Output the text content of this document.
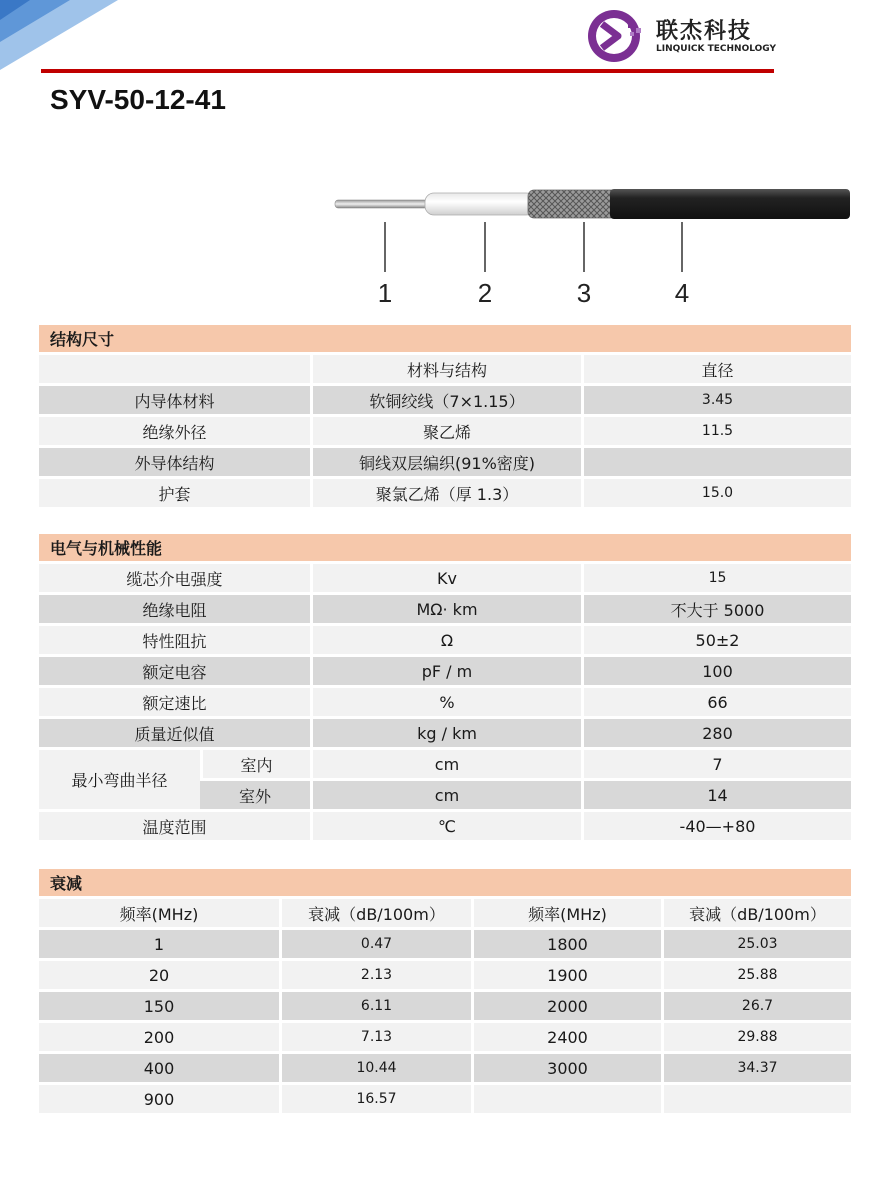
联杰科技
LINQUICK TECHNOLOGY
SYV-50-12-41
1	2	3	4
结构尺寸		
	材料与结构	直径
内导体材料	软铜绞线（7×1.15）	3.45
绝缘外径	聚乙烯	11.5
外导体结构	铜线双层编织(91%密度)	
护套	聚氯乙烯（厚 1.3）	15.0
电气与机械性能			
缆芯介电强度		Kv	15
绝缘电阻		MΩ· km	不大于 5000
特性阻抗		Ω	50±2
额定电容		pF / m	100
额定速比		%	66
质量近似值		kg / km	280
最小弯曲半径	室内	cm	7
	室外	cm	14
温度范围		℃	-40—+80
衰减			
频率(MHz)	衰减（dB/100m）	频率(MHz)	衰减（dB/100m）
1	0.47	1800	25.03
20	2.13	1900	25.88
150	6.11	2000	26.7
200	7.13	2400	29.88
400	10.44	3000	34.37
900	16.57		
